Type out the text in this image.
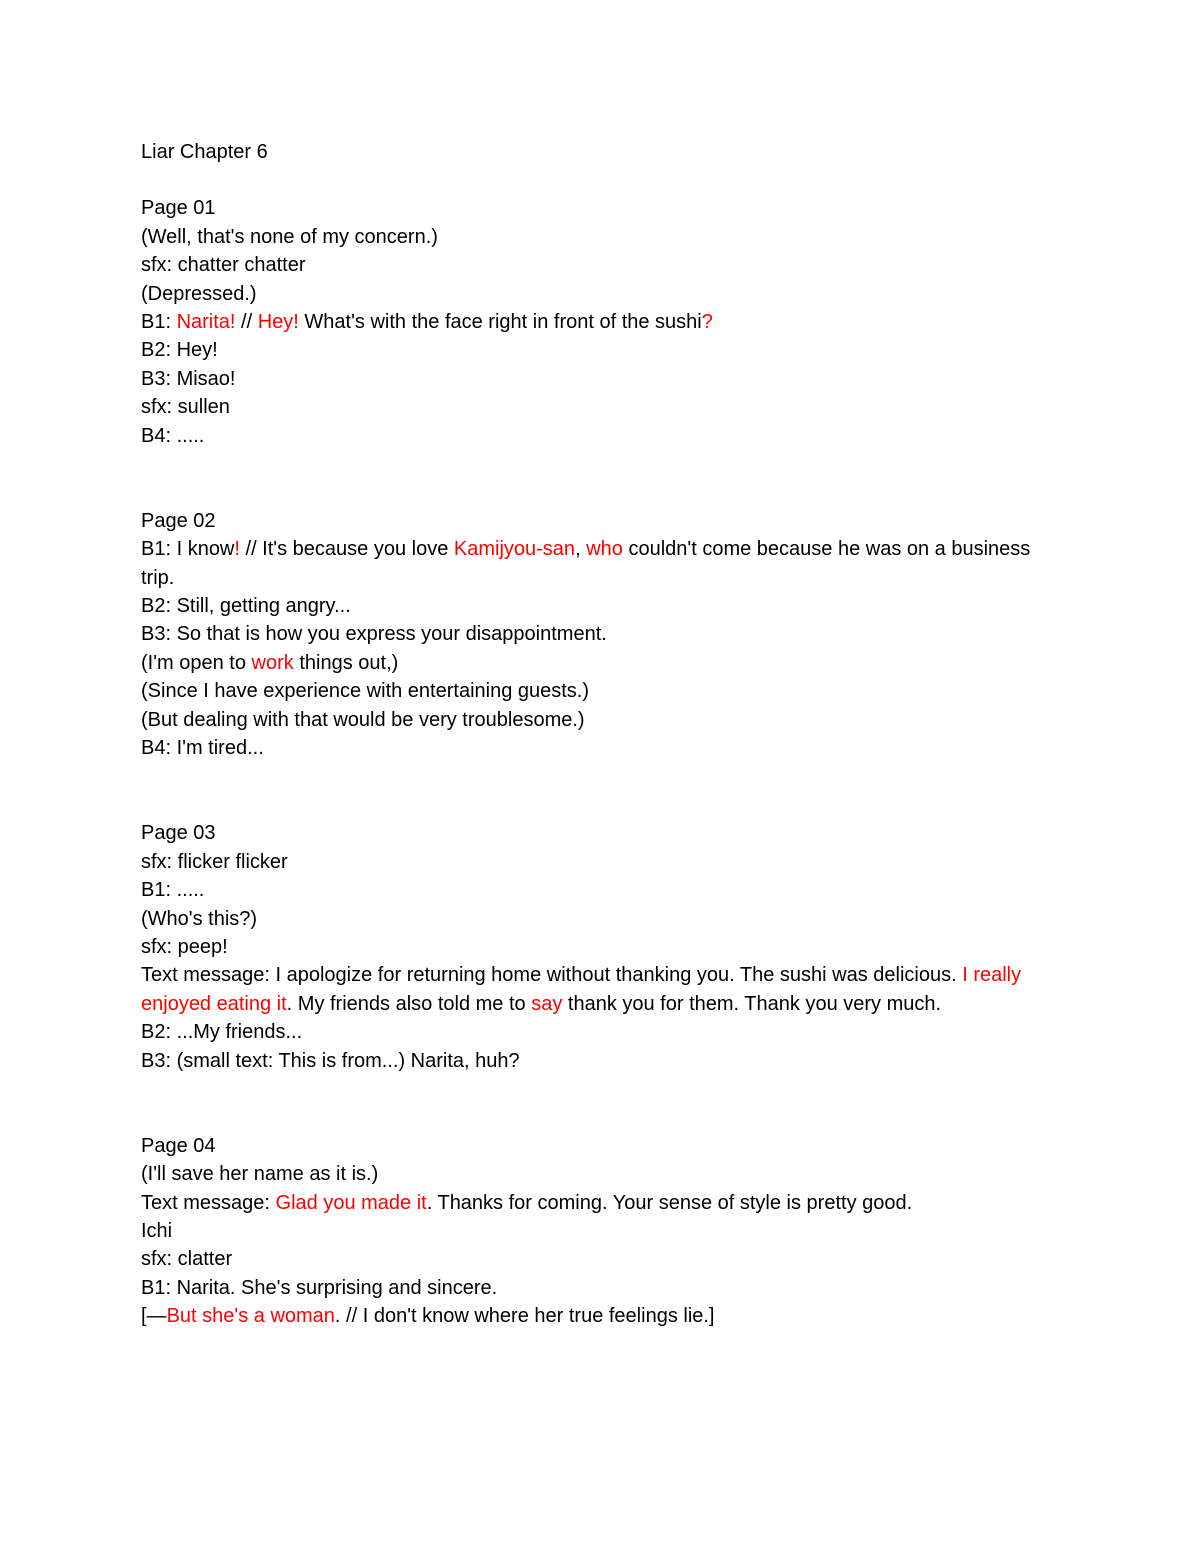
Liar Chapter 6
Page 01
(Well, that's none of my concern.)
sfx: chatter chatter
(Depressed.)
B1: Narita! // Hey! What's with the face right in front of the sushi?
B2: Hey!
B3: Misao!
sfx: sullen
B4: .....
Page 02
B1: I know! // It's because you love Kamijyou-san, who couldn't come because he was on a business trip.
B2: Still, getting angry...
B3: So that is how you express your disappointment.
(I'm open to work things out,)
(Since I have experience with entertaining guests.)
(But dealing with that would be very troublesome.)
B4: I'm tired...
Page 03
sfx: flicker flicker
B1: .....
(Who's this?)
sfx: peep!
Text message: I apologize for returning home without thanking you. The sushi was delicious. I really enjoyed eating it. My friends also told me to say thank you for them. Thank you very much.
B2: ...My friends...
B3: (small text: This is from...) Narita, huh?
Page 04
(I'll save her name as it is.)
Text message: Glad you made it. Thanks for coming. Your sense of style is pretty good.
Ichi
sfx: clatter
B1: Narita. She's surprising and sincere.
[—But she's a woman. // I don't know where her true feelings lie.]
